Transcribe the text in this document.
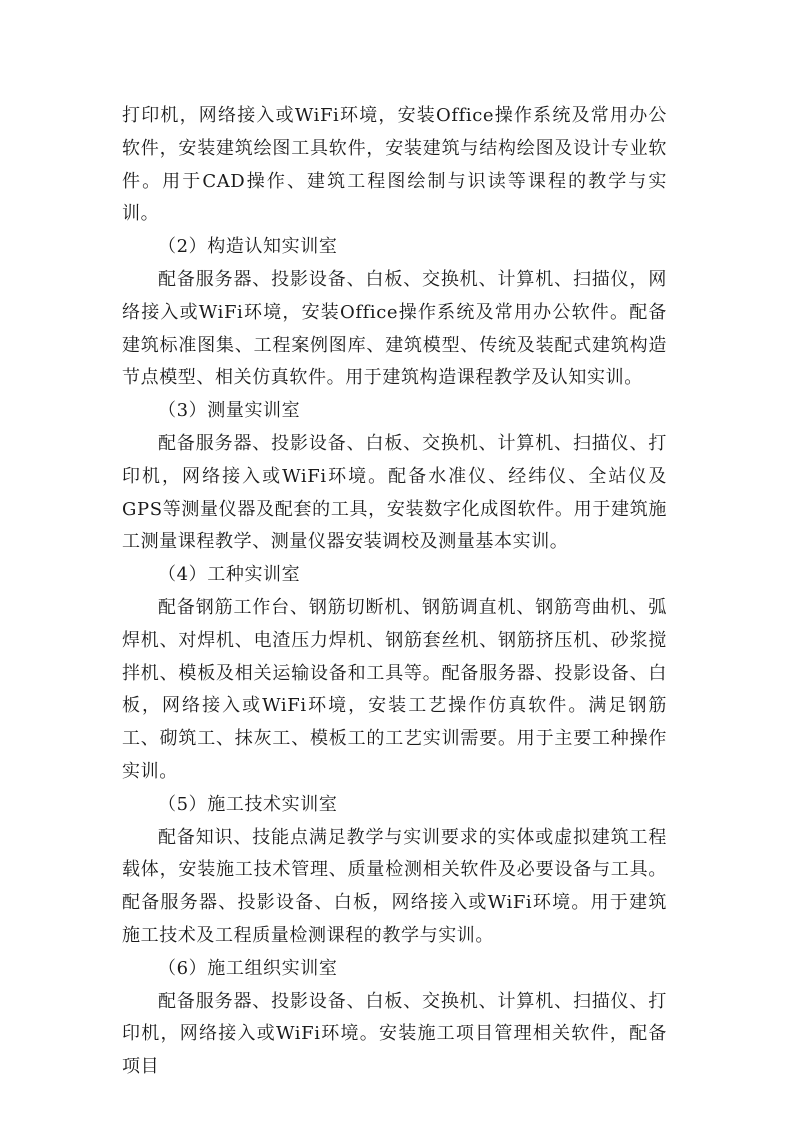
打印机，网络接入或WiFi环境，安装Office操作系统及常用办公软件，安装建筑绘图工具软件，安装建筑与结构绘图及设计专业软件。用于CAD操作、建筑工程图绘制与识读等课程的教学与实训。

（2）构造认知实训室

配备服务器、投影设备、白板、交换机、计算机、扫描仪，网络接入或WiFi环境，安装Office操作系统及常用办公软件。配备建筑标准图集、工程案例图库、建筑模型、传统及装配式建筑构造节点模型、相关仿真软件。用于建筑构造课程教学及认知实训。

（3）测量实训室

配备服务器、投影设备、白板、交换机、计算机、扫描仪、打印机，网络接入或WiFi环境。配备水准仪、经纬仪、全站仪及GPS等测量仪器及配套的工具，安装数字化成图软件。用于建筑施工测量课程教学、测量仪器安装调校及测量基本实训。

（4）工种实训室

配备钢筋工作台、钢筋切断机、钢筋调直机、钢筋弯曲机、弧焊机、对焊机、电渣压力焊机、钢筋套丝机、钢筋挤压机、砂浆搅拌机、模板及相关运输设备和工具等。配备服务器、投影设备、白板，网络接入或WiFi环境，安装工艺操作仿真软件。满足钢筋工、砌筑工、抹灰工、模板工的工艺实训需要。用于主要工种操作实训。

（5）施工技术实训室

配备知识、技能点满足教学与实训要求的实体或虚拟建筑工程载体，安装施工技术管理、质量检测相关软件及必要设备与工具。配备服务器、投影设备、白板，网络接入或WiFi环境。用于建筑施工技术及工程质量检测课程的教学与实训。

（6）施工组织实训室

配备服务器、投影设备、白板、交换机、计算机、扫描仪、打印机，网络接入或WiFi环境。安装施工项目管理相关软件，配备项目
